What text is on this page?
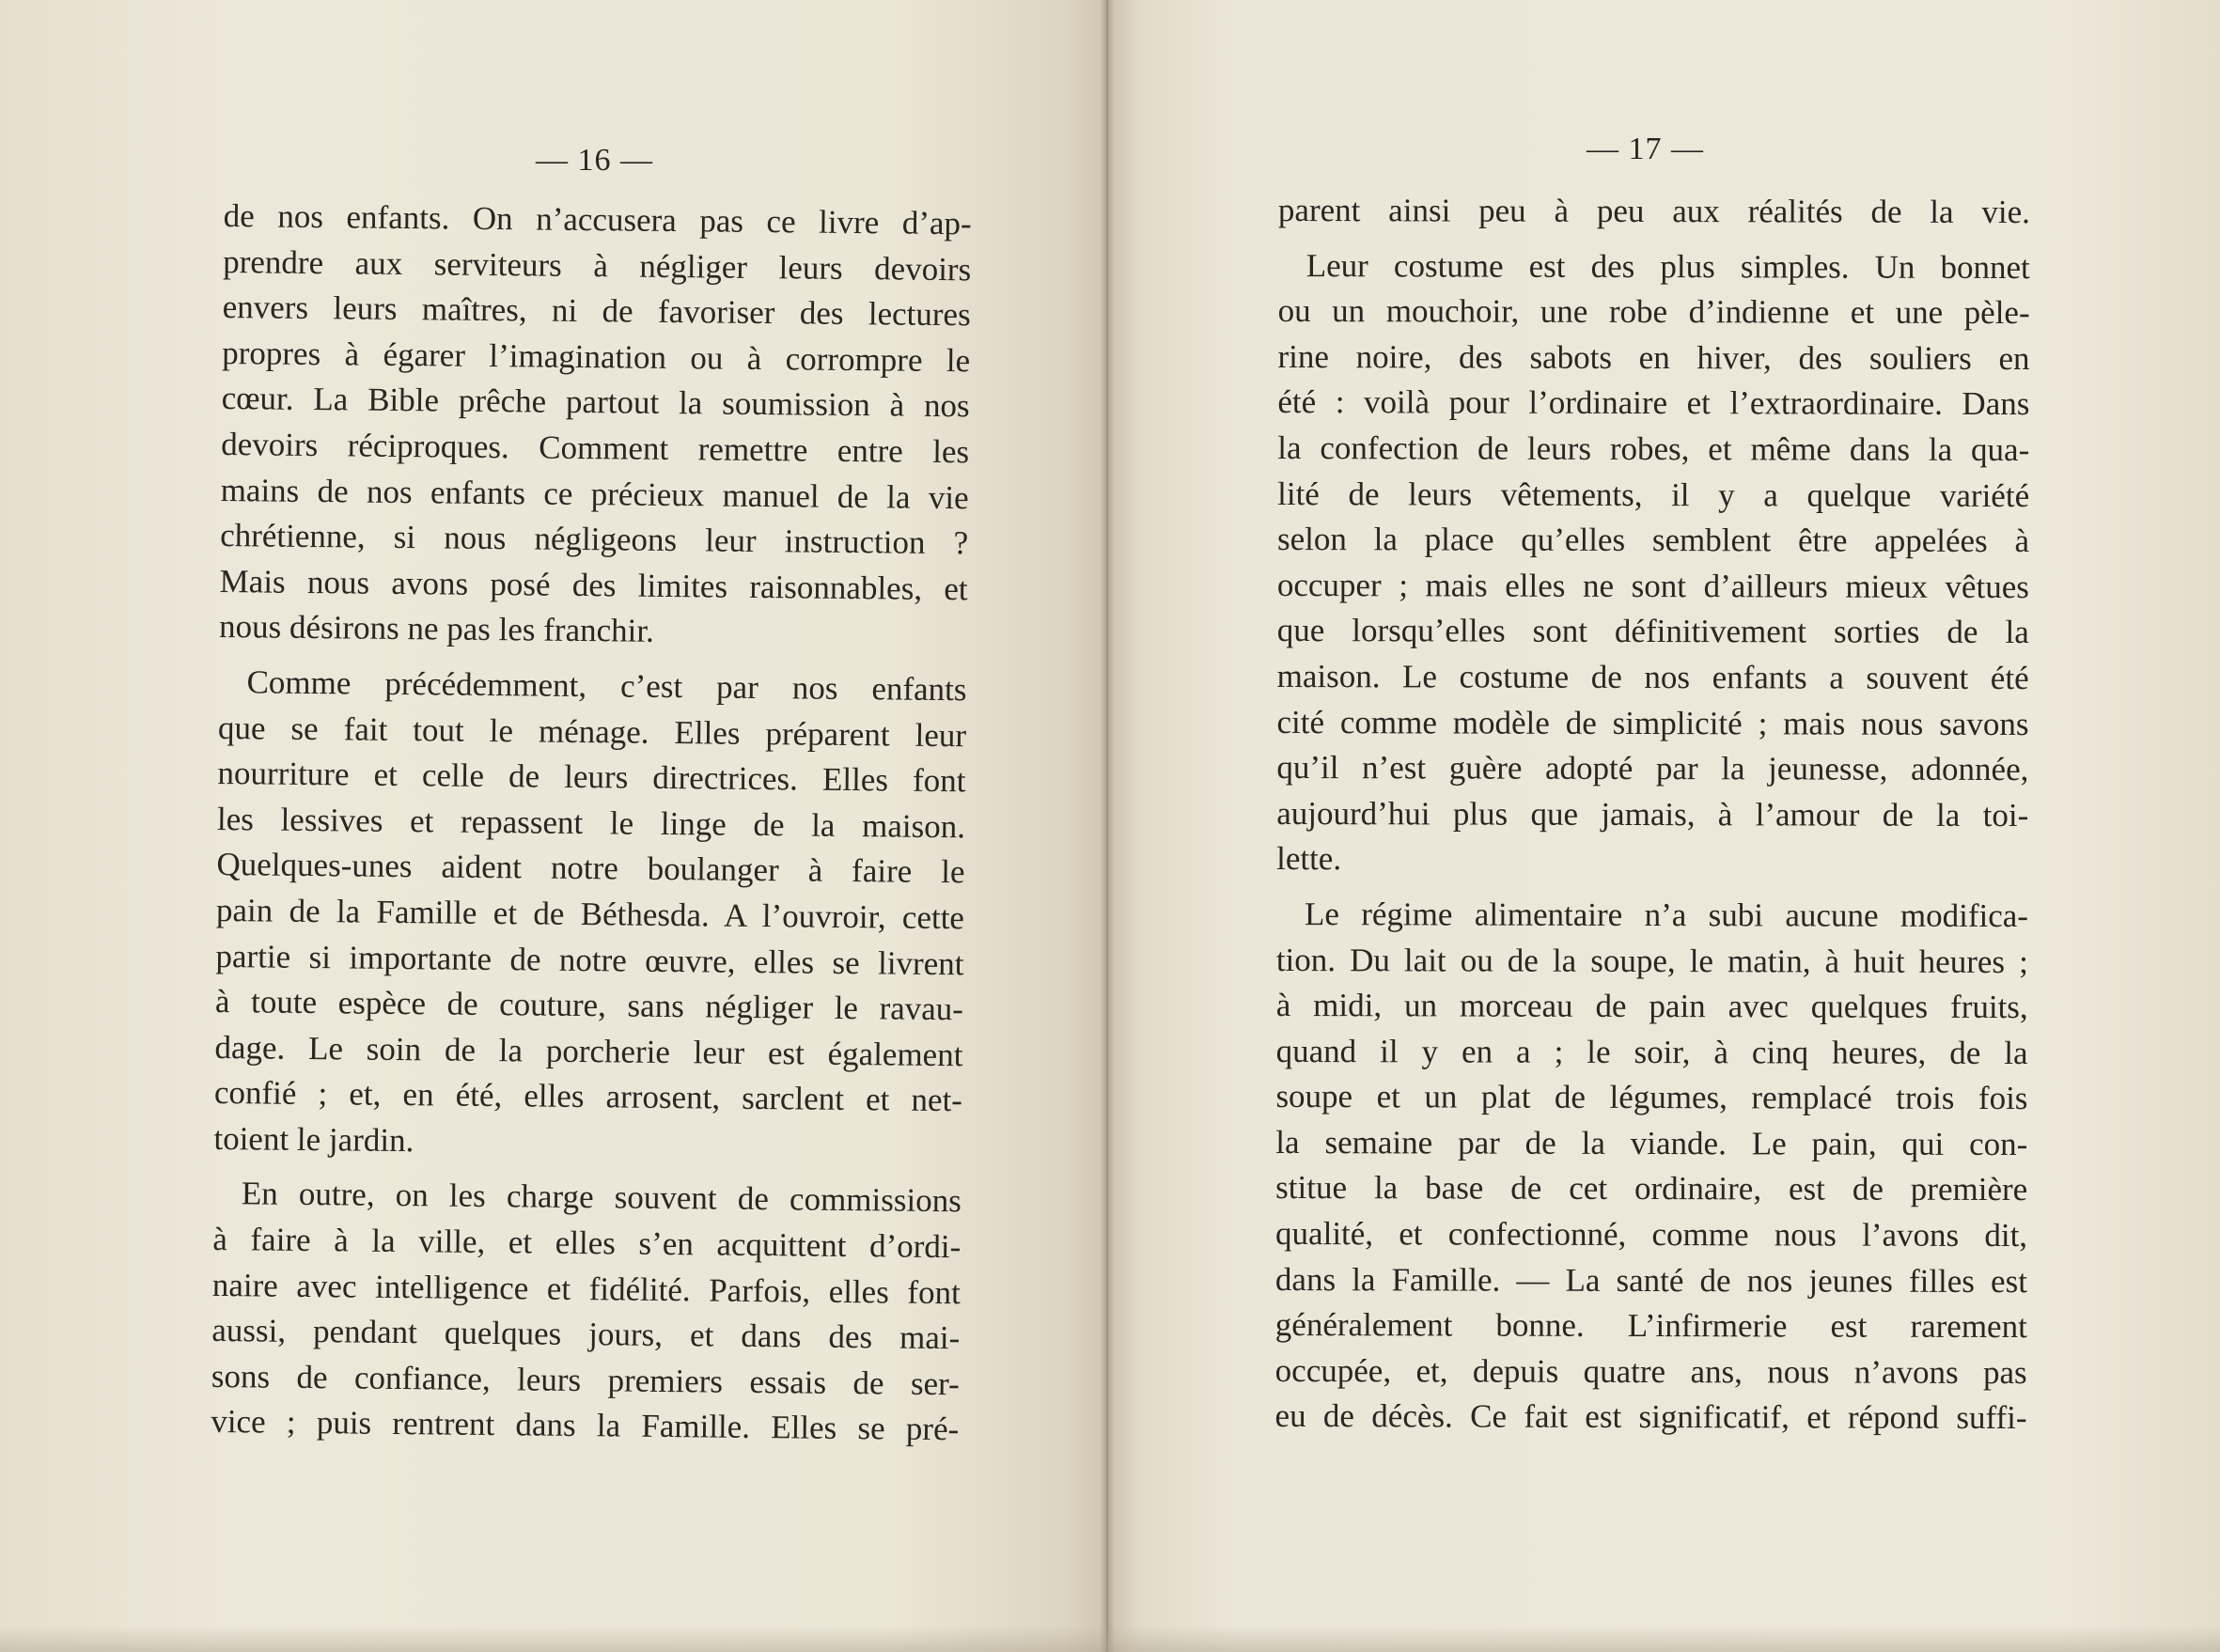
— 16 —
de nos enfants. On n’accusera pas ce livre d’ap-
prendre aux serviteurs à négliger leurs devoirs
envers leurs maîtres, ni de favoriser des lectures
propres à égarer l’imagination ou à corrompre le
cœur. La Bible prêche partout la soumission à nos
devoirs réciproques. Comment remettre entre les
mains de nos enfants ce précieux manuel de la vie
chrétienne, si nous négligeons leur instruction ?
Mais nous avons posé des limites raisonnables, et
nous désirons ne pas les franchir.
Comme précédemment, c’est par nos enfants
que se fait tout le ménage. Elles préparent leur
nourriture et celle de leurs directrices. Elles font
les lessives et repassent le linge de la maison.
Quelques-unes aident notre boulanger à faire le
pain de la Famille et de Béthesda. A l’ouvroir, cette
partie si importante de notre œuvre, elles se livrent
à toute espèce de couture, sans négliger le ravau-
dage. Le soin de la porcherie leur est également
confié ; et, en été, elles arrosent, sarclent et net-
toient le jardin.
En outre, on les charge souvent de commissions
à faire à la ville, et elles s’en acquittent d’ordi-
naire avec intelligence et fidélité. Parfois, elles font
aussi, pendant quelques jours, et dans des mai-
sons de confiance, leurs premiers essais de ser-
vice ; puis rentrent dans la Famille. Elles se pré-
— 17 —
parent ainsi peu à peu aux réalités de la vie.
Leur costume est des plus simples. Un bonnet
ou un mouchoir, une robe d’indienne et une pèle-
rine noire, des sabots en hiver, des souliers en
été : voilà pour l’ordinaire et l’extraordinaire. Dans
la confection de leurs robes, et même dans la qua-
lité de leurs vêtements, il y a quelque variété
selon la place qu’elles semblent être appelées à
occuper ; mais elles ne sont d’ailleurs mieux vêtues
que lorsqu’elles sont définitivement sorties de la
maison. Le costume de nos enfants a souvent été
cité comme modèle de simplicité ; mais nous savons
qu’il n’est guère adopté par la jeunesse, adonnée,
aujourd’hui plus que jamais, à l’amour de la toi-
lette.
Le régime alimentaire n’a subi aucune modifica-
tion. Du lait ou de la soupe, le matin, à huit heures ;
à midi, un morceau de pain avec quelques fruits,
quand il y en a ; le soir, à cinq heures, de la
soupe et un plat de légumes, remplacé trois fois
la semaine par de la viande. Le pain, qui con-
stitue la base de cet ordinaire, est de première
qualité, et confectionné, comme nous l’avons dit,
dans la Famille. — La santé de nos jeunes filles est
généralement bonne. L’infirmerie est rarement
occupée, et, depuis quatre ans, nous n’avons pas
eu de décès. Ce fait est significatif, et répond suffi-
